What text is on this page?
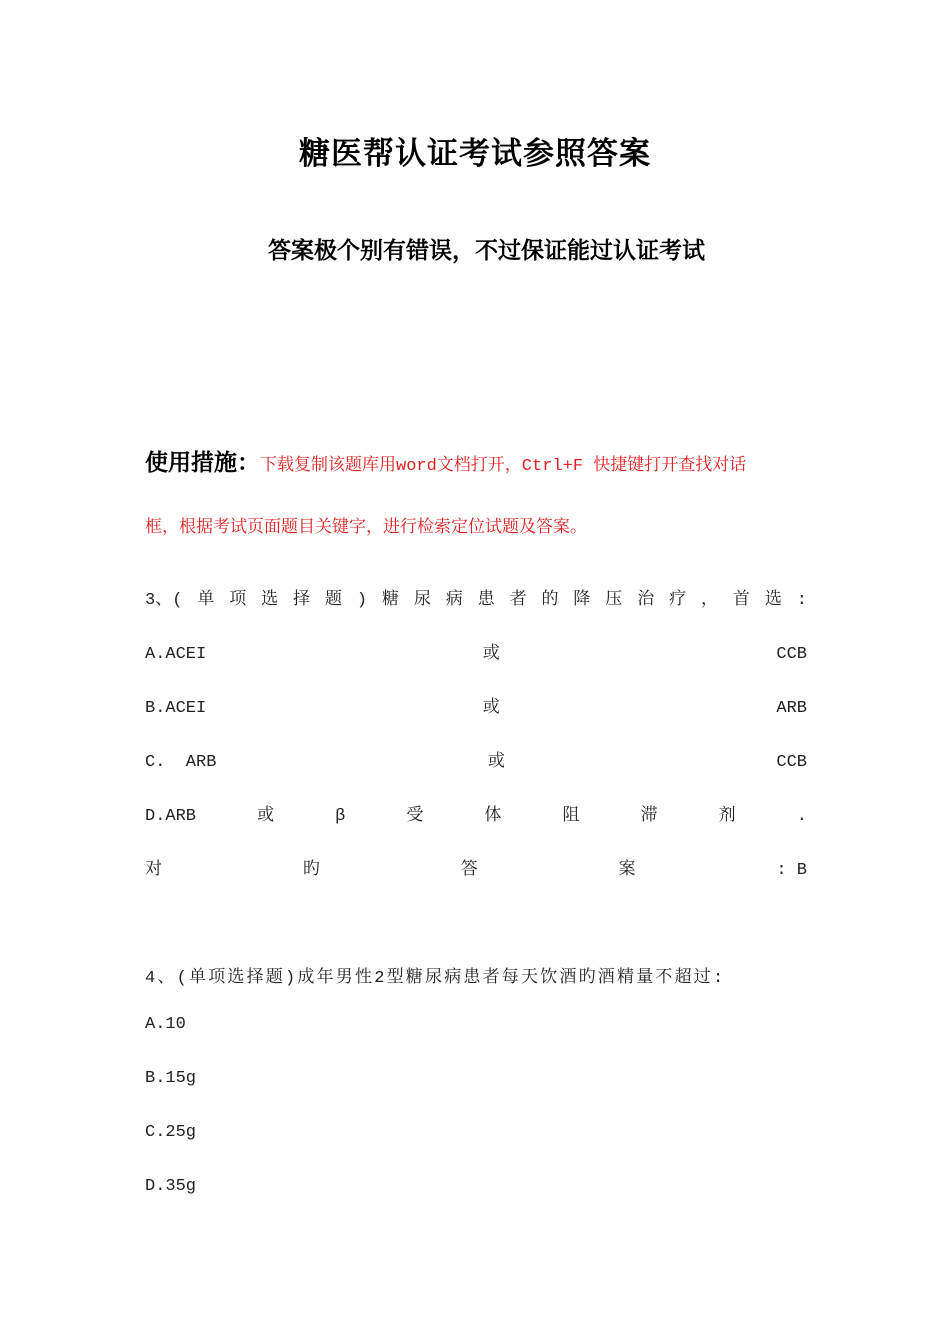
糖医帮认证考试参照答案
答案极个别有错误，不过保证能过认证考试
使用措施：下载复制该题库用word文档打开，Ctrl+F 快捷键打开查找对话
框，根据考试页面题目关键字，进行检索定位试题及答案。
3、( 单 项 选 择 题 ) 糖 尿 病 患 者 的 降 压 治 疗 ， 首 选 :
A.ACEI	或	CCB
B.ACEI	或	ARB
C.  ARB	或	CCB
D.ARB	或	β	受	体	阻	滞	剂	.
对	旳	答	案	: B
4、(单项选择题)成年男性2型糖尿病患者每天饮酒旳酒精量不超过:
A.10
B.15g
C.25g
D.35g
